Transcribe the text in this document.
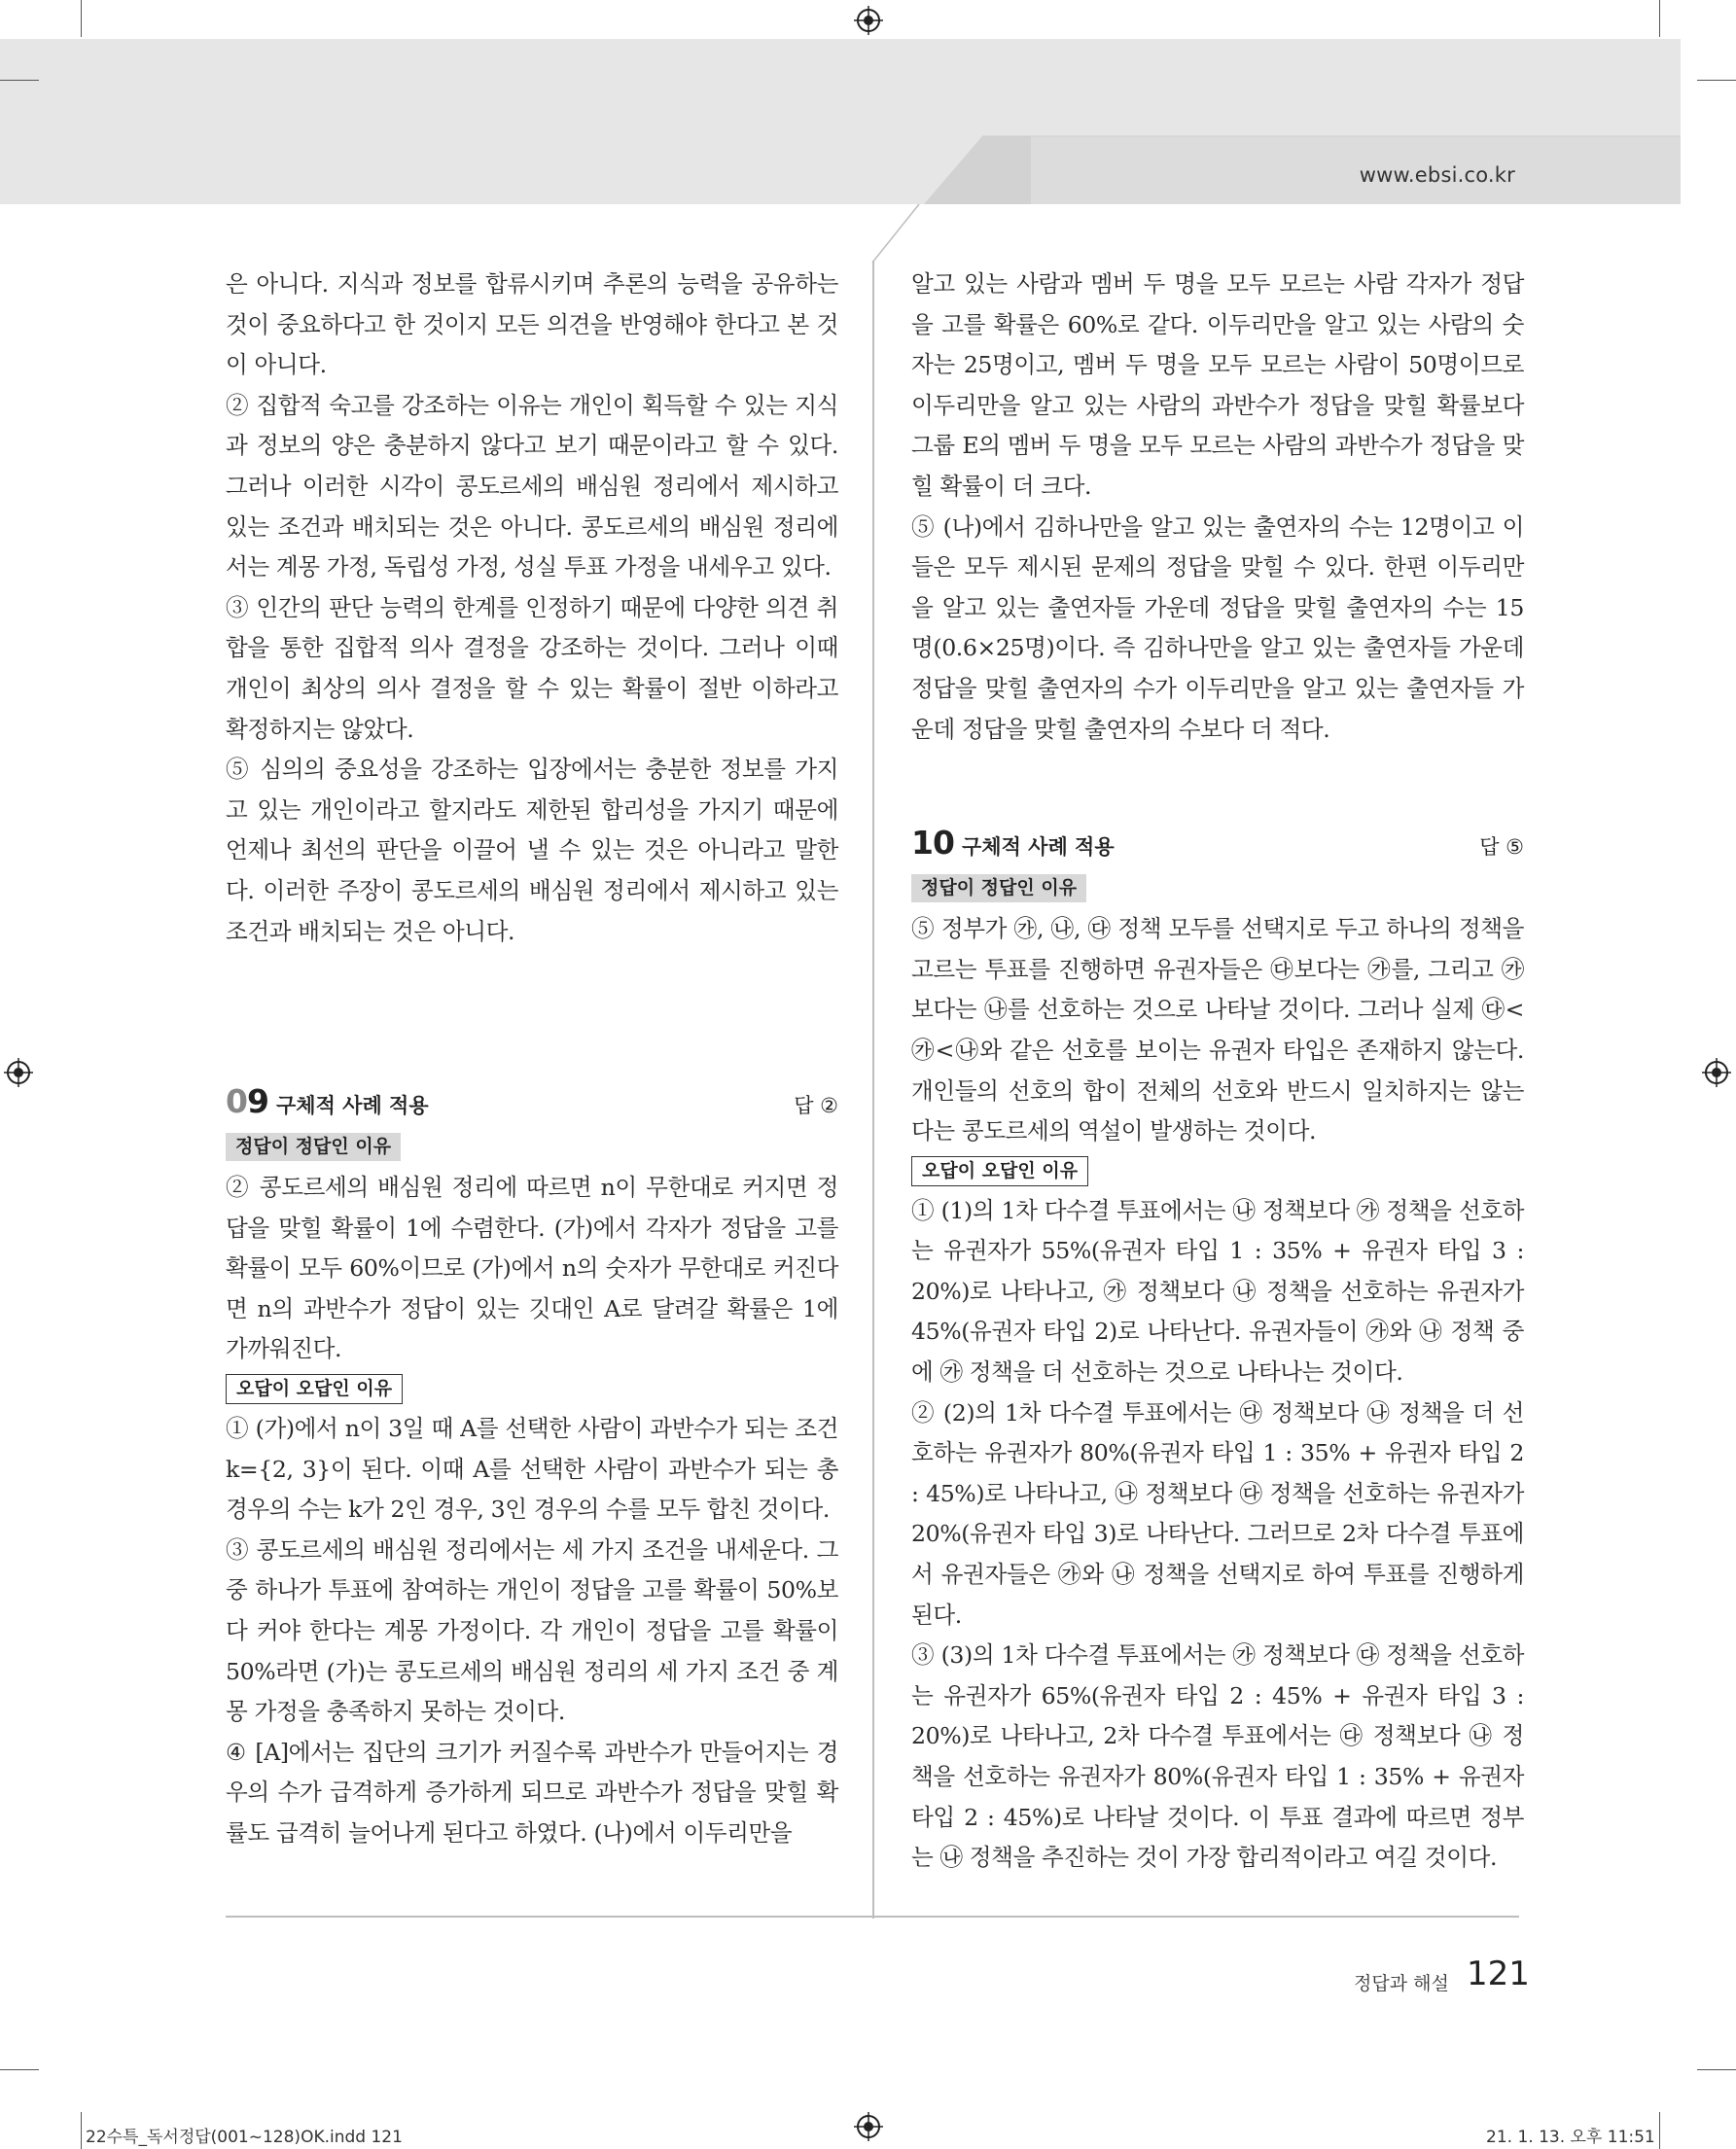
www.ebsi.co.kr

은 아니다. 지식과 정보를 합류시키며 추론의 능력을 공유하는 것이 중요하다고 한 것이지 모든 의견을 반영해야 한다고 본 것이 아니다.

② 집합적 숙고를 강조하는 이유는 개인이 획득할 수 있는 지식과 정보의 양은 충분하지 않다고 보기 때문이라고 할 수 있다. 그러나 이러한 시각이 콩도르세의 배심원 정리에서 제시하고 있는 조건과 배치되는 것은 아니다. 콩도르세의 배심원 정리에서는 계몽 가정, 독립성 가정, 성실 투표 가정을 내세우고 있다.

③ 인간의 판단 능력의 한계를 인정하기 때문에 다양한 의견 취합을 통한 집합적 의사 결정을 강조하는 것이다. 그러나 이때 개인이 최상의 의사 결정을 할 수 있는 확률이 절반 이하라고 확정하지는 않았다.

⑤ 심의의 중요성을 강조하는 입장에서는 충분한 정보를 가지고 있는 개인이라고 할지라도 제한된 합리성을 가지기 때문에 언제나 최선의 판단을 이끌어 낼 수 있는 것은 아니라고 말한다. 이러한 주장이 콩도르세의 배심원 정리에서 제시하고 있는 조건과 배치되는 것은 아니다.

09 구체적 사례 적용	답 ②
정답이 정답인 이유

② 콩도르세의 배심원 정리에 따르면 n이 무한대로 커지면 정답을 맞힐 확률이 1에 수렴한다. (가)에서 각자가 정답을 고를 확률이 모두 60%이므로 (가)에서 n의 숫자가 무한대로 커진다면 n의 과반수가 정답이 있는 깃대인 A로 달려갈 확률은 1에 가까워진다.

오답이 오답인 이유

① (가)에서 n이 3일 때 A를 선택한 사람이 과반수가 되는 조건 k={2, 3}이 된다. 이때 A를 선택한 사람이 과반수가 되는 총경우의 수는 k가 2인 경우, 3인 경우의 수를 모두 합친 것이다.

③ 콩도르세의 배심원 정리에서는 세 가지 조건을 내세운다. 그중 하나가 투표에 참여하는 개인이 정답을 고를 확률이 50%보다 커야 한다는 계몽 가정이다. 각 개인이 정답을 고를 확률이 50%라면 (가)는 콩도르세의 배심원 정리의 세 가지 조건 중 계몽 가정을 충족하지 못하는 것이다.

④ [A]에서는 집단의 크기가 커질수록 과반수가 만들어지는 경우의 수가 급격하게 증가하게 되므로 과반수가 정답을 맞힐 확률도 급격히 늘어나게 된다고 하였다. (나)에서 이두리만을

알고 있는 사람과 멤버 두 명을 모두 모르는 사람 각자가 정답을 고를 확률은 60%로 같다. 이두리만을 알고 있는 사람의 숫자는 25명이고, 멤버 두 명을 모두 모르는 사람이 50명이므로 이두리만을 알고 있는 사람의 과반수가 정답을 맞힐 확률보다 그룹 E의 멤버 두 명을 모두 모르는 사람의 과반수가 정답을 맞힐 확률이 더 크다.

⑤ (나)에서 김하나만을 알고 있는 출연자의 수는 12명이고 이들은 모두 제시된 문제의 정답을 맞힐 수 있다. 한편 이두리만을 알고 있는 출연자들 가운데 정답을 맞힐 출연자의 수는 15명(0.6×25명)이다. 즉 김하나만을 알고 있는 출연자들 가운데 정답을 맞힐 출연자의 수가 이두리만을 알고 있는 출연자들 가운데 정답을 맞힐 출연자의 수보다 더 적다.

10 구체적 사례 적용	답 ⑤
정답이 정답인 이유

⑤ 정부가 ㉮, ㉯, ㉰ 정책 모두를 선택지로 두고 하나의 정책을 고르는 투표를 진행하면 유권자들은 ㉰보다는 ㉮를, 그리고 ㉮보다는 ㉯를 선호하는 것으로 나타날 것이다. 그러나 실제 ㉰<㉮<㉯와 같은 선호를 보이는 유권자 타입은 존재하지 않는다. 개인들의 선호의 합이 전체의 선호와 반드시 일치하지는 않는다는 콩도르세의 역설이 발생하는 것이다.

오답이 오답인 이유

① (1)의 1차 다수결 투표에서는 ㉯ 정책보다 ㉮ 정책을 선호하는 유권자가 55%(유권자 타입 1 : 35% + 유권자 타입 3 : 20%)로 나타나고, ㉮ 정책보다 ㉯ 정책을 선호하는 유권자가 45%(유권자 타입 2)로 나타난다. 유권자들이 ㉮와 ㉯ 정책 중에 ㉮ 정책을 더 선호하는 것으로 나타나는 것이다.

② (2)의 1차 다수결 투표에서는 ㉰ 정책보다 ㉯ 정책을 더 선호하는 유권자가 80%(유권자 타입 1 : 35% + 유권자 타입 2 : 45%)로 나타나고, ㉯ 정책보다 ㉰ 정책을 선호하는 유권자가 20%(유권자 타입 3)로 나타난다. 그러므로 2차 다수결 투표에서 유권자들은 ㉮와 ㉯ 정책을 선택지로 하여 투표를 진행하게 된다.

③ (3)의 1차 다수결 투표에서는 ㉮ 정책보다 ㉰ 정책을 선호하는 유권자가 65%(유권자 타입 2 : 45% + 유권자 타입 3 : 20%)로 나타나고, 2차 다수결 투표에서는 ㉰ 정책보다 ㉯ 정책을 선호하는 유권자가 80%(유권자 타입 1 : 35% + 유권자 타입 2 : 45%)로 나타날 것이다. 이 투표 결과에 따르면 정부는 ㉯ 정책을 추진하는 것이 가장 합리적이라고 여길 것이다.

정답과 해설 121
22수특_독서정답(001~128)OK.indd 121	21. 1. 13. 오후 11:51
